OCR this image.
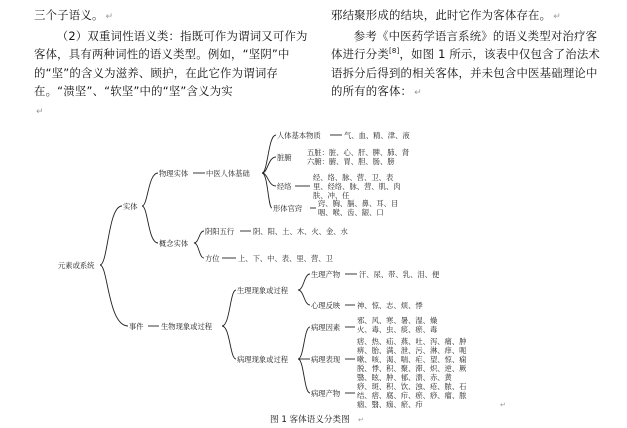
三个子语义。 ↵

（2）双重词性语义类：指既可作为谓词又可作为客体，具有两种词性的语义类型。例如，“坚阴”中的“坚”的含义为滋养、顾护，在此它作为谓词存在。“溃坚”、“软坚”中的“坚”含义为实

↵

邪结聚形成的结块，此时它作为客体存在。 ↵

参考《中医药学语言系统》的语义类型对治疗客体进行分类[8]，如图 1 所示，该表中仅包含了治法术语拆分后得到的相关客体，并未包含中医基础理论中的所有的客体： ↵

元素或系统
实体
物理实体 中医人体基础
人体基本物质	气、血、精、津、液
脏腑
五脏：脏、心、肝、脾、肺、肾
六腑：腑、胃、胆、肠、膀
经络
经、络、脉、营、卫、表
里、经络、脉、营、肌、肉
肤、冲、任
形体官窍
窍、胸、膈、鼻、耳、目
咽、喉、齿、龈、口
概念实体
阴阳五行	阴、阳、土、木、火、金、水
方位	上、下、中、表、里、营、卫
事件 生物现象或过程
生理现象或过程
生理产物	汗、尿、带、乳、泪、便
心理反映 神、惊、志、烦、悸
病理现象或过程
病理因素
邪、风、寒、暑、湿、燥
火、毒、虫、痰、瘀、毒
病理表现
痞、热、疝、燕、吐、泻、痛、肿
痹、胎、满、泄、污、淋、痒、呃
嗽、咳、渴、喘、疟、望、惊、痫
脱、悸、积、聚、滞、炽、逆、厥
翳、眩、肿、郁、溃、赤、黄
病理产物
痧、斑、积、饮、浊、疮、脓、石
结、痞、腐、疖、瘀、痧、瘤、脓
痼、翳、痂、瘀、疖	↵
图 1 客体语义分类图 ↵
